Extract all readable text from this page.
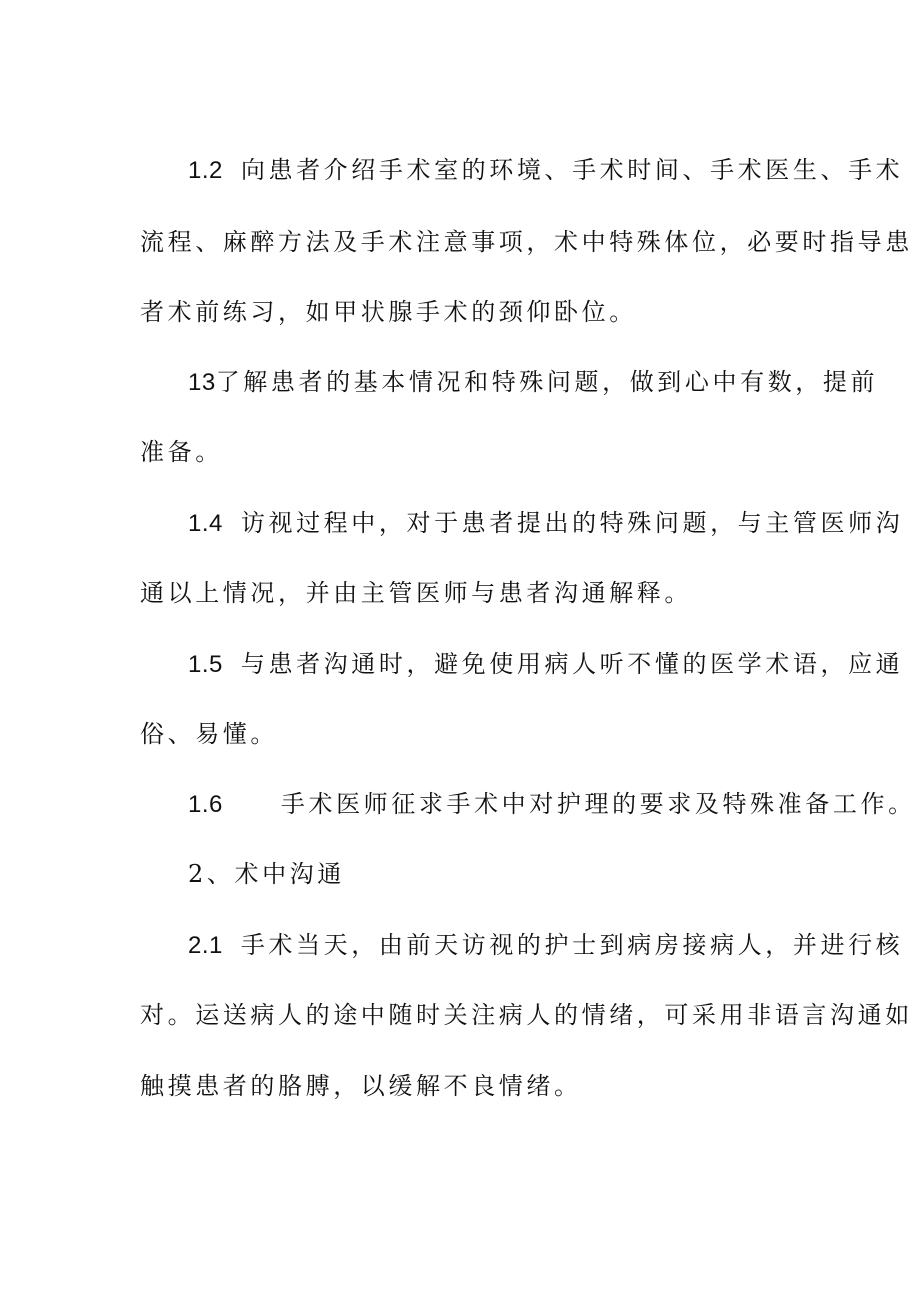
1.2 向患者介绍手术室的环境、手术时间、手术医生、手术
流程、麻醉方法及手术注意事项，术中特殊体位，必要时指导患
者术前练习，如甲状腺手术的颈仰卧位。
13了解患者的基本情况和特殊问题，做到心中有数，提前
准备。
1.4 访视过程中，对于患者提出的特殊问题，与主管医师沟
通以上情况，并由主管医师与患者沟通解释。
1.5 与患者沟通时，避免使用病人听不懂的医学术语，应通
俗、易懂。
1.6 手术医师征求手术中对护理的要求及特殊准备工作。
2、术中沟通
2.1 手术当天，由前天访视的护士到病房接病人，并进行核
对。运送病人的途中随时关注病人的情绪，可采用非语言沟通如
触摸患者的胳膊，以缓解不良情绪。
